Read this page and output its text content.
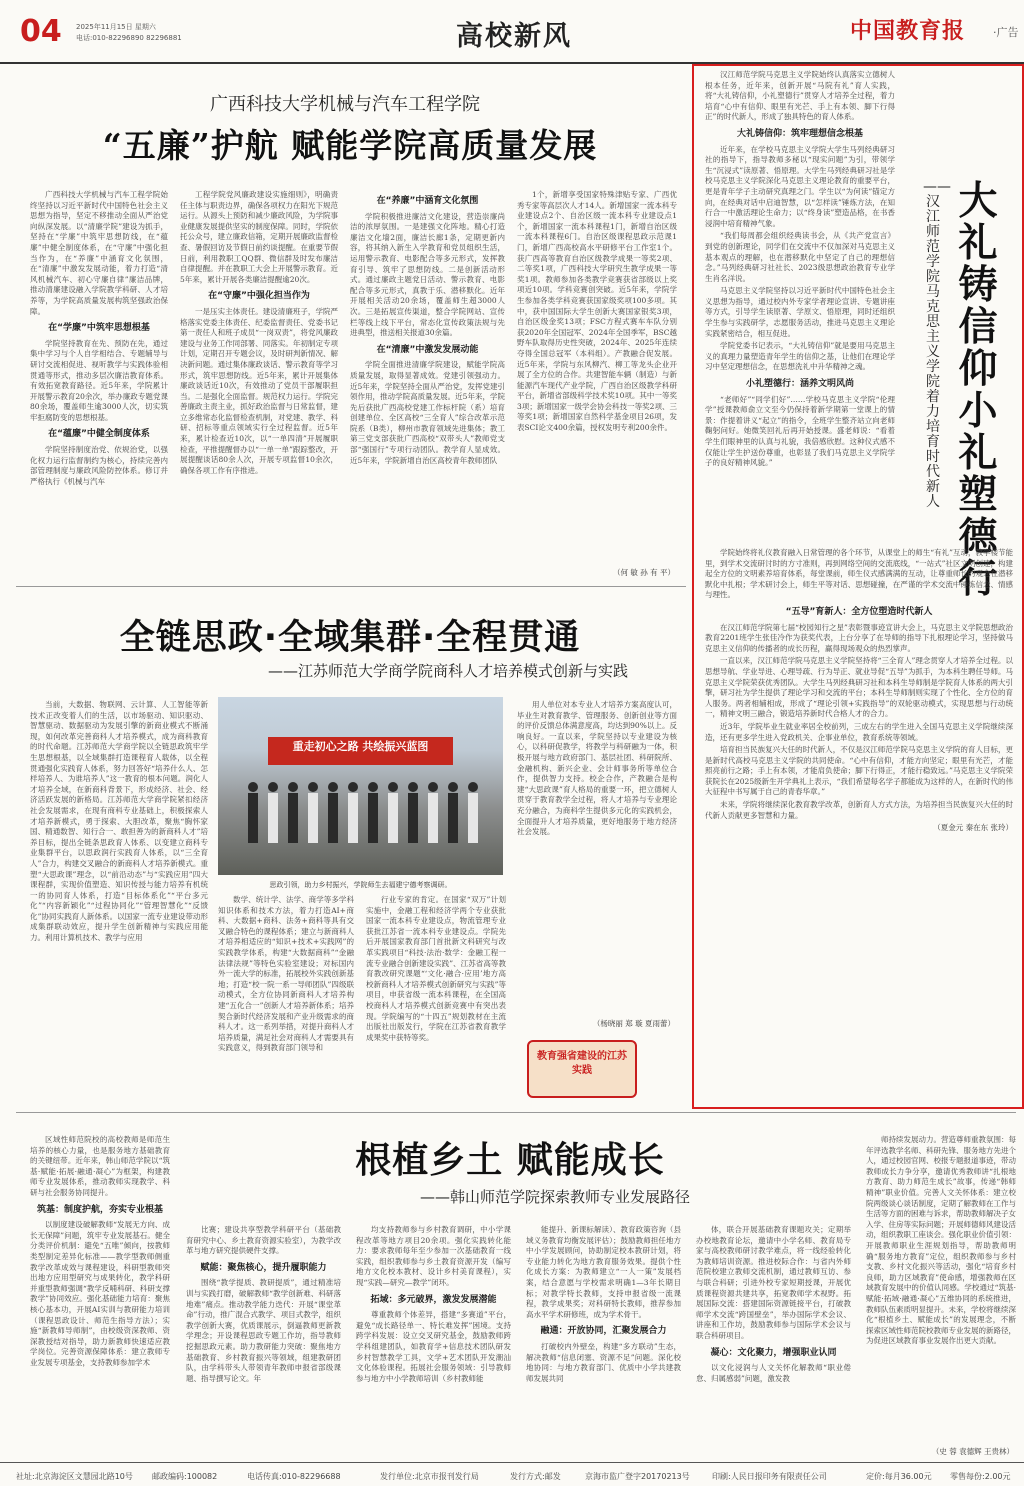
04 2025年11月15日 星期六
电话:010-82296890 82296881	高校新风	中国教育报	·广告
广西科技大学机械与汽车工程学院
“五廉”护航 赋能学院高质量发展

广西科技大学机械与汽车工程学院始终坚持以习近平新时代中国特色社会主义思想为指导，坚定不移推动全面从严治党向纵深发展。以“清廉学院”建设为抓手，坚持在“学廉”中筑牢思想防线，在“蕴廉”中健全制度体系，在“守廉”中强化担当作为，在“养廉”中涵育文化氛围，在“清廉”中激发发展动能，着力打造“清风机械汽车、初心守廉自律”廉洁品牌，推动清廉建设融入学院教学科研、人才培养等，为学院高质量发展构筑坚强政治保障。

在“学廉”中筑牢思想根基

学院坚持教育在先、预防在先，通过集中学习与个人自学相结合、专题辅导与研讨交流相促进、视听教学与实践体验相贯通等形式，推动多层次廉洁教育体系。有效拓宽教育路径。近5年来，学院累计开展警示教育20余次，举办廉政专题党课80余场，覆盖师生逾3000人次，切实筑牢拒腐防变的思想根基。

在“蕴廉”中健全制度体系

学院坚持制度治党、依规治党，以强化权力运行监督制约为核心，持续完善内部管理制度与廉政风险防控体系。修订并严格执行《机械与汽车

工程学院党风廉政建设实施细则》，明确责任主体与职责边界，确保各项权力在阳光下规范运行。从源头上预防和减少廉政风险，为学院事业健康发展提供坚实的制度保障。同时，学院依托公众号，建立廉政信箱，定期开展廉政监督检查、暑假回访及节假日前约谈提醒。在重要节假日前，利用教职工QQ群、微信群及时发布廉洁自律提醒。并在教职工大会上开展警示教育。近5年来，累计开展各类廉洁提醒逾20次。

在“守廉”中强化担当作为

一是压实主体责任。建设清廉班子，学院严格落实党委主体责任、纪委监督责任、党委书记第一责任人和班子成员“一岗双责”，将党风廉政建设与业务工作同部署、同落实。年初制定专项计划，定期召开专题会议，及时研判新情况、解决新问题。通过集体廉政谈话、警示教育等学习形式，筑牢思想防线。近5年来，累计开展集体廉政谈话近10次，有效推动了党员干部履职担当。二是强化全面监督。规范权力运行。学院完善廉政主责主业，抓好政治监督与日常监督，建立多维常态化监督检查机制，对党建、教学、科研、招标等重点领域实行全过程监督。近5年来，累计检查近10次，以“一单四清”开展履职检查，平推提醒督办以“一单一单”跟踪整改，开展提醒谈话80余人次，开展专项监督10余次，确保各项工作有序推进。

在“养廉”中涵育文化氛围

学院积极推进廉洁文化建设，营造崇廉尚洁的浓厚氛围。一是建强文化阵地。精心打造廉洁文化墙2面，廉洁长廊1条，定期更新内容，将其纳入新生入学教育和党员组织生活，运用警示教育、电影配合等多元形式，发挥教育引导、筑牢了思想防线。二是创新活动形式。通过廉政主题党日活动、警示教育、电影配合等多元形式，真教于乐、潜移默化。近年开展相关活动20余场，覆盖师生超3000人次。三是拓展宣传渠道，整合学院网站、宣传栏等线上线下平台，常态化宣传政策法规与先进典型，推送相关报道30余篇。

在“清廉”中激发发展动能

学院全面推进清廉学院建设，赋能学院高质量发展，取得显著成效。党建引领强动力。近5年来，学院坚持全面从严治党，发挥党建引领作用，推动学院高质量发展。近5年来，学院先后获批广西高校党建工作标杆院（系）培育创建单位、全区高校“三全育人”综合改革示范院系（B类），柳州市教育领域先进集体；教工第三党支部获批广西高校“双带头人”教师党支部“强国行”专项行动团队。教学育人显成效。近5年来，学院新增自治区高校青年教师团队

1个，新增享受国家特殊津贴专家、广西优秀专家等高层次人才14人。新增国家一流本科专业建设点2个、自治区级一流本科专业建设点1个，新增国家一流本科课程1门，新增自治区级一流本科课程6门。自治区级课程思政示范课1门，新增广西高校高水平研修平台工作室1个。获广西高等教育自治区级教学成果一等奖2项、二等奖1项，广西科技大学研究生教学成果一等奖1项。教师参加各类教学竞赛获省部级以上奖项近10项。学科竞赛创突破。近5年来，学院学生参加各类学科竞赛获国家级奖项100多项。其中，获中国国际大学生创新大赛国家银奖3项，自治区级金奖13项；FSC方程式赛车车队分别获2020年全国冠军、2024年全国季军，BSC越野车队取得历史性突破，2024年、2025年连续夺得全国总冠军（本科组）。产教融合促发展。近5年来，学院与东风柳汽、柳工等龙头企业开展了全方位的合作。共建智能车辆（制造）与新能源汽车现代产业学院，广西自治区级教学科研平台，新增省部级科学技术奖10项。其中一等奖3项；新增国家一级学会协会科技一等奖2项、三等奖1项；新增国家自然科学基金项目26项，发表SCI论文400余篇，授权发明专利200余件。

（何 敏 孙 有 平）
全链思政·全域集群·全程贯通
——江苏师范大学商学院商科人才培养模式创新与实践

当前，大数据、物联网、云计算、人工智能等新技术正改变着人们的生活，以市场驱动、知识驱动、智慧驱动、数据驱动为发展引擎的新商业模式不断涌现，如何改革完善商科人才培养模式，成为商科教育的时代命题。江苏师范大学商学院以全链思政筑牢学生思想根基，以全域集群打造课程育人载体，以全程贯通强化实践育人体系，努力回答好“培养什么人、怎样培养人、为谁培养人”这一教育的根本问题。润化人才培养全域，在新商科背景下，形成经济、社会、经济活跃发展的新格局。江苏师范大学商学院紧扣经济社会发展需求，在现有商科专业基础上，积极探索人才培养新模式，勇于探索、大胆改革，聚焦“胸怀家国、精通数智、知行合一、敢担善为的新商科人才”培养目标，提出全链条思政育人体系、以变建立商科专业集群平台，以思政润行实践育人体系，以“三全育人”合力，构建交叉融合的新商科人才培养新模式。重塑“大思政课”理念，以“前沿动态”与“实践应用”四大课程群，实现价值塑造、知识传授与能力培养有机统一的协同育人体系，打造“目标体系化”“平台多元化”“内容新颖化”“过程协同化”“管理智慧化”“反馈化”协同实践育人新体系。以国家一流专业建设带动形成集群联动效应，提升学生创新精神与实践应用能力。利用计算机技术、教学与应用

重走初心之路 共绘振兴蓝图
思政引领，助力乡村振兴，学院师生去福建宁德考察调研。

数学、统计学、法学、商学等多学科知识体系和技术方法，着力打造AI+商科、大数据+商科、法务+商科等具有交叉融合特色的课程体系；建立与新商科人才培养相适应的“知识+技术+实践网”的实践教学体系，构建“大数据商科”“金融法律法规”等特色实验室建设；对标国内外一流大学的标准，拓展校外实践创新基地；打造“校一院一系一导师团队”四级联动模式，全方位协同新商科人才培养构建“五化合一”创新人才培养新体系；培养契合新时代经济发展和产业升级需求的商科人才。这一系列举措，对提升商科人才培养质量，满足社会对商科人才需要具有实践意义，得到教育部门领导和

行业专家的肯定。在国家“双万”计划实施中，金融工程和经济学两个专业获批国家一流本科专业建设点，物流管理专业获批江苏省一流本科专业建设点。学院先后开展国家教育部门首批新文科研究与改革实践项目“科技·法治·数学：金融工程一流专业融合创新建设实践”、江苏省高等教育教改研究课题“‘文化·融合·应用’地方高校新商科人才培养模式创新研究与实践”等项目，申获省级一流本科课程，在全国高校商科人才培养模式创新竞赛中有突出表现。学院编写的“十四五”规划教材在主流出版社出版发行，学院在江苏省教育教学成果奖中获特等奖。

用人单位对本专业人才培养方案高度认可，毕业生对教育教学、管理服务、创新创业等方面的评价反馈总体满意度高，均达到90%以上。反响良好。一直以来，学院坚持以专业建设为核心，以科研促教学，将教学与科研融为一体，积极开展与地方政府部门、基层社团、科研院所、金融机构、新兴企业、会计师事务所等单位合作，提供智力支持。校企合作，产教融合是构建“大思政课”育人格局的重要一环，把立德树人贯穿于教育教学全过程，将人才培养与专业理论充分融合，为商科学生提供多元化的实践机会，全面提升人才培养质量，更好地服务于地方经济社会发展。

（杨晓丽 郑 璇 夏雨蕾）
教育强省建设的江苏实践
大礼铸信仰 小礼塑德行
——汉江师范学院马克思主义学院着力培育时代新人

汉江师范学院马克思主义学院始终认真落实立德树人根本任务，近年来，创新开展“马院有礼”育人实践，将“大礼铸信仰，小礼塑德行”贯穿人才培养全过程，着力培育“心中有信仰、眼里有光芒、手上有本领、脚下行得正”的时代新人，形成了独具特色的育人体系。

大礼铸信仰：筑牢理想信念根基

近年来，在学校马克思主义学院大学生马列经典研习社的指导下，指导教师多秘以“现实问题”为引，带领学生“沉浸式”读原著、悟原理。大学生马列经典研习社是学校马克思主义学院深化马克思主义理论教育的重要平台，更是青年学子主动研究真理之门。学生以“为何读”锚定方向，在经典对话中启迪智慧，以“怎样读”锤炼方法，在知行合一中激活理论生命力；以“终身读”塑造品格，在书香浸润中培育精神气象。

“我们每周都会组织经典读书会，从《共产党宣言》到党的创新理论，同学们在交流中不仅加深对马克思主义基本观点的理解，也在潜移默化中坚定了自己的理想信念。”马列经典研习社社长、2023级思想政治教育专业学生肖名洋说。

马克思主义学院坚持以习近平新时代中国特色社会主义思想为指导，通过校内外专家学者理论宣讲、专题讲座等方式，引导学生读原著、学原文、悟原理，同时还组织学生参与实践研学，志愿服务活动，推进马克思主义理论实践紧密结合，相互促进。

学院党委书记表示，“大礼铸信仰”就是要用马克思主义的真理力量塑造青年学生的信仰之基，让他们在理论学习中坚定理想信念，在思想洗礼中升华精神之魂。

小礼塑德行：涵养文明风尚

“老师好”“同学们好”……学校马克思主义学院“伦理学”授课教师俞立文至今仍保持着新学期第一堂课上的情景：作提着讲义“起立”的指令，全班学生整齐站立向老师鞠躬问好。她微笑回礼后再开始授课。盛老师说：“看着学生们眼神里的认真与礼貌，我倍感欣慰。这种仪式感不仅能让学生护送份尊重，也彰显了我们马克思主义学院学子的良好精神风貌。”

学院始终将礼仪教育融入日常管理的各个环节，从课堂上的师生“有礼”互动，教学楼节能里，到学术交流研讨时的方寸准则，再到网络空间的交流底线，“一站式”社区文明创建，构建起全方位的文明素养培育体系，每堂课前，师生仪式感满满的互动，让尊重师长的观念在潜移默化中扎根；学术研讨会上，师生平等对话、思想碰撞，在严谨的学术交流中锤炼信念、情感与理性。

“五导”育新人：全方位塑造时代新人

在汉江师范学院第七届“校园知行之星”表彰暨事迹宣讲大会上，马克思主义学院思想政治教育2201班学生张佳冷作为获奖代表，上台分享了在导师的指导下扎根理论学习，坚持做马克思主义信仰的传播者的成长历程，赢得现场观众的热烈掌声。

一直以来，汉江师范学院马克思主义学院坚持将“三全育人”理念贯穿人才培养全过程。以思想导航、学业导进、心理导疏、行为导正、就业导促“五导”为抓手，为本科生聘任导师。马克思主义学院荣获优秀团队。大学生马列经典研习社和本科生导师制是学院育人体系的两大引擎，研习社为学生提供了理论学习和交流的平台；本科生导师制则实现了个性化、全方位的育人服务。两者相辅相成，形成了“理论引领+实践指导”的双轮驱动模式，实现思想与行动统一，精神文明三融合，锻造培养新时代合格人才的合力。

近3年，学院毕业生就业率居全校前列，三成左右的学生进入全国马克思主义学院继续深造，还有更多学生进入党政机关、企事业单位，教育系统等领域。

培育担当民族复兴大任的时代新人，不仅是汉江师范学院马克思主义学院的育人目标，更是新时代高校马克思主义学院的共同使命。“心中有信仰，才能方向坚定；眼里有光芒，才能照亮前行之路；手上有本领，才能肩负使命；脚下行得正，才能行稳致远。”马克思主义学院荣获院长在2025级新生开学典礼上表示，“我们希望每名学子都能成为这样的人，在新时代的伟大征程中书写属于自己的青春华章。”

未来，学院将继续深化教育教学改革，创新育人方式方法，为培养担当民族复兴大任的时代新人贡献更多智慧和力量。

（夏金元 秦在东 张玲）
根植乡土 赋能成长
——韩山师范学院探索教师专业发展路径

区域性师范院校的高校教师是师范生培养的核心力量，也是服务地方基础教育的关键纽带。近年来，韩山师范学院以“筑基·赋能·拓展·融通·凝心”为框架，构建教师专业发展体系，推动教师实现教学、科研与社会服务协同提升。

筑基：制度护航，夯实专业根基

以制度建设破解教师“发展无方向、成长无保障”问题，筑牢专业发展基石。健全分类评价机制：避免“五唯”倾向，按教师类型制定差异化标准——教学型教师侧重教学改革成效与课程建设，科研型教师突出地方应用型研究与成果转化，教学科研并重型教师强调“教学反哺科研、科研支撑教学”协同效应。强化基础能力培育：聚焦核心基本功，开展AI实训与教研能力培训（课程思政设计、师范生指导方法）；实施“新教师导师制”，由校级资深教师、资深教授结对指导，助力新教师快速适应教学岗位。完善资源保障体系：建立教师专业发展专项基金，支持教师参加学术

比赛；建设共享型教学科研平台（基础教育研究中心、乡土教育资源实验室），为教学改革与地方研究提供硬件支撑。

赋能：聚焦核心，提升履职能力

围绕“教学提质、教研提质”，通过精准培训与实践打磨，破解教师“教学创新难、科研落地难”痛点。推动教学能力迭代：开展“课堂革命”行动，推广混合式教学、项目式教学，组织教学创新大赛，优质课展示，倒逼教师更新教学理念；开设课程思政专题工作坊，指导教师挖掘思政元素。助力教研能力突破：聚焦地方基础教育、乡村教育振兴等领域，组建教研团队，由学科带头人带领青年教师申报省部级课题、指导撰写论文。年

均支持教师参与乡村教育调研，中小学课程改革等地方项目20余项。强化实践转化能力：要求教师每年至少参加一次基础教育一线实践，组织教师参与乡土教育资源开发（编写地方文化校本教材、设计乡村美育课程），实现“实践—研究—教学”闭环。

拓域：多元破界，激发发展潜能

尊重教师个体差异，搭建“多赛道”平台，避免“成长路径单一、特长难发挥”困境。支持跨学科发展：设立交叉研究基金，鼓励教师跨学科组建团队，如教育学+信息技术团队研发乡村智慧教学工具，文学+艺术团队开发潮汕文化体验课程。拓展社会服务领域：引导教师参与地方中小学教师培训（乡村教师能

能提升、新课标解读）、教育政策咨询（县域义务教育均衡发展评估）；鼓励教师担任地方中小学发展顾问，协助制定校本教研计划，将专业能力转化为地方教育服务效果。提供个性化成长方案：为教师建立“一人一策”发展档案，结合意愿与学校需求明确1—3年长期目标；对教学特长教师，支持申报省级一流课程，教学成果奖；对科研特长教师，推荐参加高水平学术研修班，成为学术骨干。

融通：开放协同，汇聚发展合力

打破校内外壁垒，构建“多方联动”生态，解决教师“信息闭塞、资源不足”问题。深化校地协同：与地方教育部门、优质中小学共建教师发展共同

体，联合开展基础教育课题攻关；定期举办校地教育论坛，邀请中小学名师、教育局专家与高校教师研讨教学难点，将一线经验转化为教师培训资源。推进校际合作：与省内外师范院校建立教师交流机制，通过教师互访、参与联合科研；引进外校专家短期授课，开展优质课程资源共建共享，拓宽教师学术视野。拓展国际交流：搭建国际资源链接平台，打破教师学术交流“跨国壁垒”，举办国际学术会议、讲座和工作坊，鼓励教师参与国际学术会议与联合科研项目。

凝心：文化聚力，增强职业认同

以文化浸润与人文关怀化解教师“职业倦怠、归属感弱”问题，激发教

师持续发展动力。营造尊师重教氛围：每年评选教学名师、科研先锋、服务地方先进个人，通过校园官网、校报专题报道事迹，带动教师成长力争分享，邀请优秀教师讲“扎根地方教育、助力师范生成长”故事，传递“韩师精神”职业价值。完善人文关怀体系：建立校院两级谈心谈话制度，定期了解教师在工作与生活等方面的困难与诉求，帮助教师解决子女入学、住房等实际问题；开展师德师风建设活动，组织教职工座谈会。强化职业价值引领：开展教师职业生涯规划指导，帮助教师明确“服务地方教育”定位，组织教师参与乡村支教、乡村文化振兴等活动，强化“培育乡村良师，助力区域教育”使命感，增强教师在区域教育发展中的价值认同感。学校通过“筑基·赋能·拓域·融通·凝心”五维协同的系统推进，教师队伍素质明显提升。未来，学校将继续深化“根植乡土、赋能成长”的发展理念，不断探索区域性师范院校教师专业发展的新路径，为促进区域教育事业发展作出更大贡献。

（史 蓉 袁德辉 王贵林）
社址:北京海淀区文慧园北路10号 邮政编码:100082	电话传真:010-82296688	发行单位:北京市报刊发行局	发行方式:邮发	京海市监广登字20170213号	印刷:人民日报印务有限责任公司	定价:每月36.00元 零售每份:2.00元
